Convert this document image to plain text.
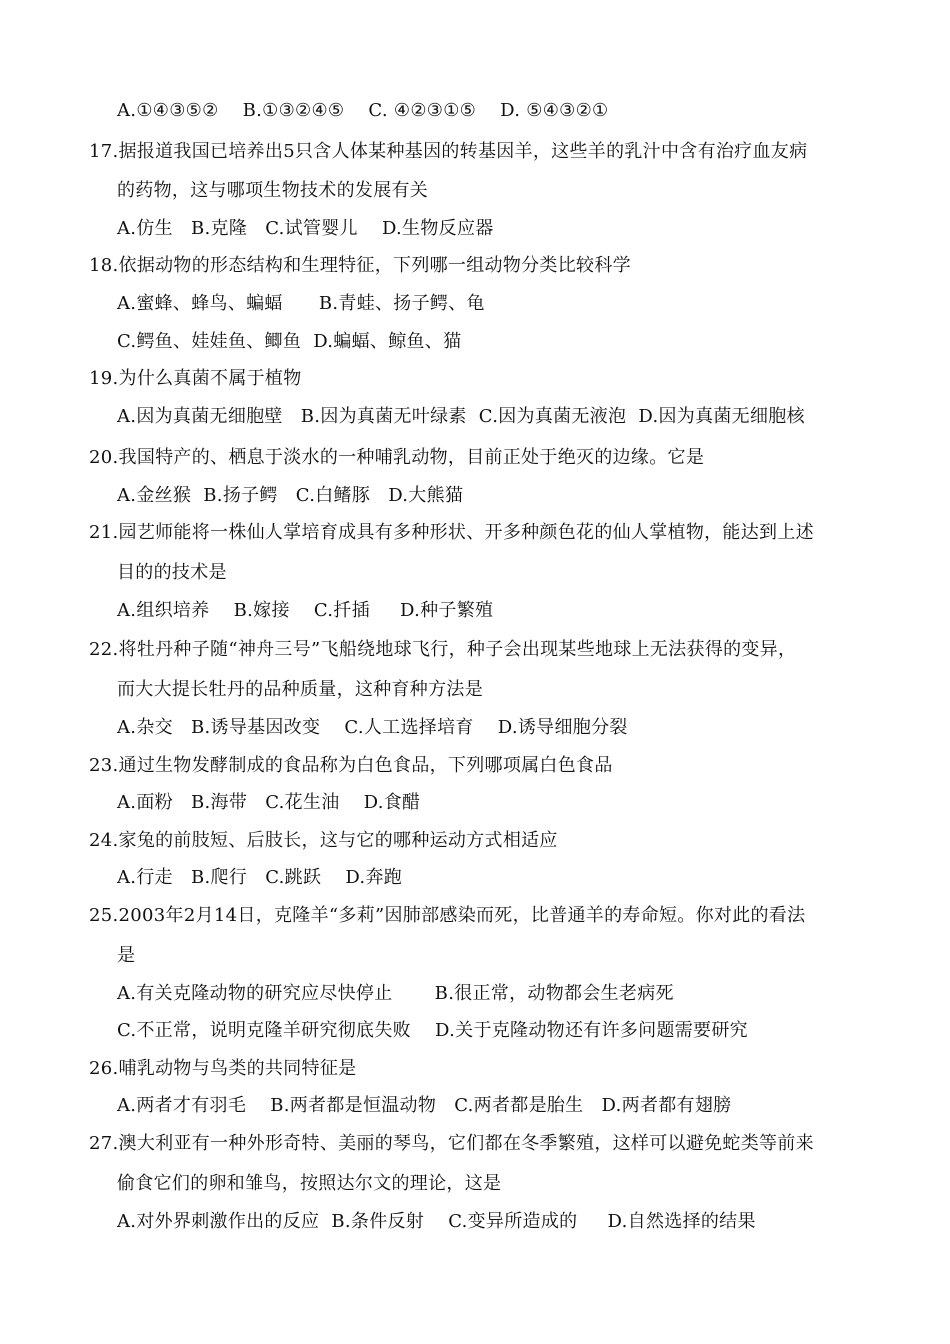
A.①④③⑤②    B.①③②④⑤    C. ④②③①⑤    D. ⑤④③②①
17.据报道我国已培养出5只含人体某种基因的转基因羊，这些羊的乳汁中含有治疗血友病
的药物，这与哪项生物技术的发展有关
A.仿生   B.克隆   C.试管婴儿    D.生物反应器
18.依据动物的形态结构和生理特征，下列哪一组动物分类比较科学
A.蜜蜂、蜂鸟、蝙蝠      B.青蛙、扬子鳄、龟
C.鳄鱼、娃娃鱼、鲫鱼  D.蝙蝠、鲸鱼、猫
19.为什么真菌不属于植物
A.因为真菌无细胞壁   B.因为真菌无叶绿素  C.因为真菌无液泡  D.因为真菌无细胞核
20.我国特产的、栖息于淡水的一种哺乳动物，目前正处于绝灭的边缘。它是
A.金丝猴  B.扬子鳄   C.白鳍豚   D.大熊猫
21.园艺师能将一株仙人掌培育成具有多种形状、开多种颜色花的仙人掌植物，能达到上述
目的的技术是
A.组织培养    B.嫁接    C.扦插     D.种子繁殖
22.将牡丹种子随“神舟三号”飞船绕地球飞行，种子会出现某些地球上无法获得的变异，
而大大提长牡丹的品种质量，这种育种方法是
A.杂交   B.诱导基因改变    C.人工选择培育    D.诱导细胞分裂
23.通过生物发酵制成的食品称为白色食品，下列哪项属白色食品
A.面粉   B.海带   C.花生油    D.食醋
24.家兔的前肢短、后肢长，这与它的哪种运动方式相适应
A.行走   B.爬行   C.跳跃    D.奔跑
25.2003年2月14日，克隆羊“多莉”因肺部感染而死，比普通羊的寿命短。你对此的看法
是
A.有关克隆动物的研究应尽快停止       B.很正常，动物都会生老病死
C.不正常，说明克隆羊研究彻底失败    D.关于克隆动物还有许多问题需要研究
26.哺乳动物与鸟类的共同特征是
A.两者才有羽毛    B.两者都是恒温动物   C.两者都是胎生   D.两者都有翅膀
27.澳大利亚有一种外形奇特、美丽的琴鸟，它们都在冬季繁殖，这样可以避免蛇类等前来
偷食它们的卵和雏鸟，按照达尔文的理论，这是
A.对外界刺激作出的反应  B.条件反射    C.变异所造成的     D.自然选择的结果
